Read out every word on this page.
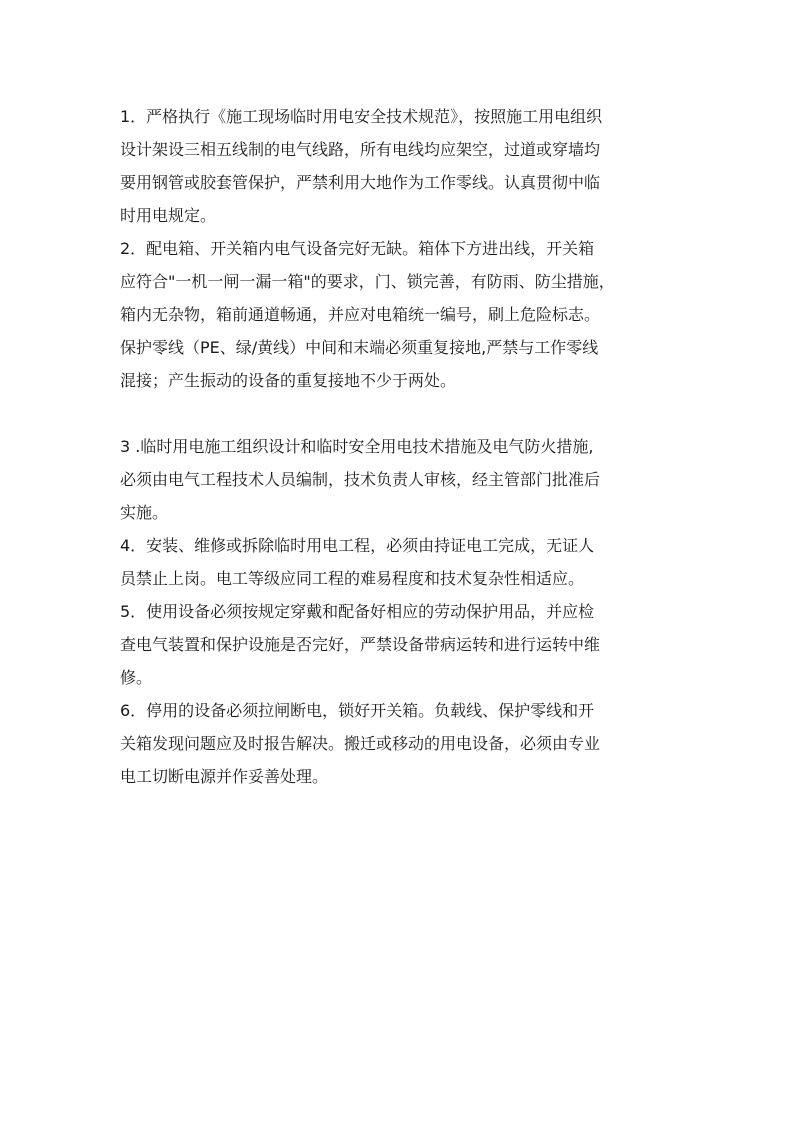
1．严格执行《施工现场临时用电安全技术规范》，按照施工用电组织
设计架设三相五线制的电气线路，所有电线均应架空，过道或穿墙均
要用钢管或胶套管保护，严禁利用大地作为工作零线。认真贯彻中临
时用电规定。

2．配电箱、开关箱内电气设备完好无缺。箱体下方进出线，开关箱
应符合"一机一闸一漏一箱"的要求，门、锁完善，有防雨、防尘措施，
箱内无杂物，箱前通道畅通，并应对电箱统一编号，刷上危险标志。
保护零线（PE、绿/黄线）中间和末端必须重复接地,严禁与工作零线
混接；产生振动的设备的重复接地不少于两处。

3 .临时用电施工组织设计和临时安全用电技术措施及电气防火措施,
必须由电气工程技术人员编制，技术负责人审核，经主管部门批准后
实施。

4．安装、维修或拆除临时用电工程，必须由持证电工完成，无证人
员禁止上岗。电工等级应同工程的难易程度和技术复杂性相适应。

5．使用设备必须按规定穿戴和配备好相应的劳动保护用品，并应检
查电气装置和保护设施是否完好，严禁设备带病运转和进行运转中维
修。

6．停用的设备必须拉闸断电，锁好开关箱。负载线、保护零线和开
关箱发现问题应及时报告解决。搬迁或移动的用电设备，必须由专业
电工切断电源并作妥善处理。
